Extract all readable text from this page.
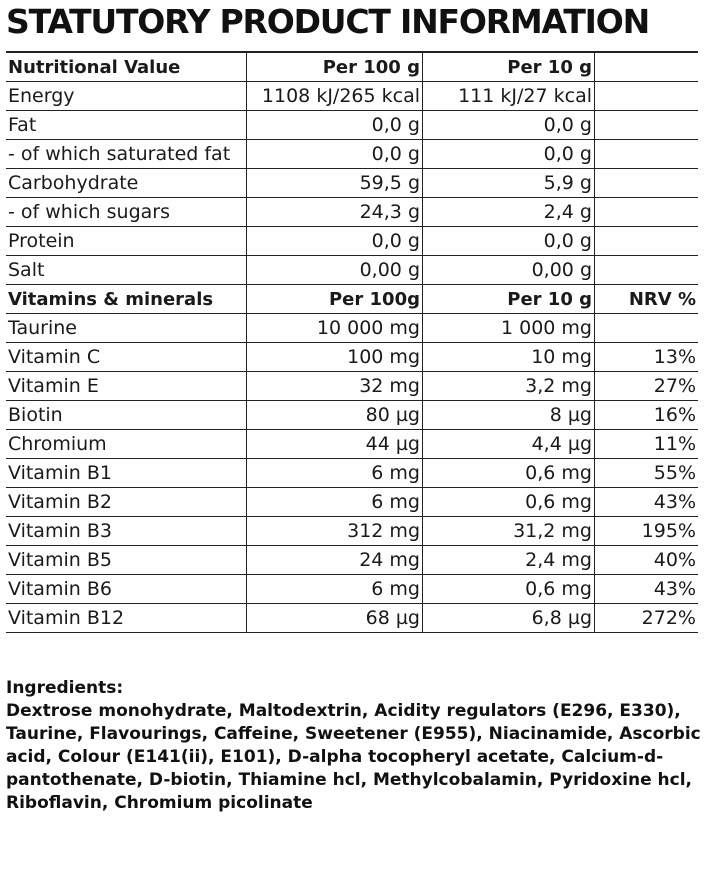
STATUTORY PRODUCT INFORMATION
Nutritional Value	Per 100 g	Per 10 g	
Energy	1108 kJ/265 kcal	111 kJ/27 kcal	
Fat	0,0 g	0,0 g	
- of which saturated fat	0,0 g	0,0 g	
Carbohydrate	59,5 g	5,9 g	
- of which sugars	24,3 g	2,4 g	
Protein	0,0 g	0,0 g	
Salt	0,00 g	0,00 g	
Vitamins & minerals	Per 100g	Per 10 g	NRV %
Taurine	10 000 mg	1 000 mg	
Vitamin C	100 mg	10 mg	13%
Vitamin E	32 mg	3,2 mg	27%
Biotin	80 µg	8 µg	16%
Chromium	44 µg	4,4 µg	11%
Vitamin B1	6 mg	0,6 mg	55%
Vitamin B2	6 mg	0,6 mg	43%
Vitamin B3	312 mg	31,2 mg	195%
Vitamin B5	24 mg	2,4 mg	40%
Vitamin B6	6 mg	0,6 mg	43%
Vitamin B12	68 µg	6,8 µg	272%
Ingredients:
Dextrose monohydrate, Maltodextrin, Acidity regulators (E296, E330), Taurine, Flavourings, Caffeine, Sweetener (E955), Niacinamide, Ascorbic acid, Colour (E141(ii), E101), D-alpha tocopheryl acetate, Calcium-d-pantothenate, D-biotin, Thiamine hcl, Methylcobalamin, Pyridoxine hcl, Riboflavin, Chromium picolinate
